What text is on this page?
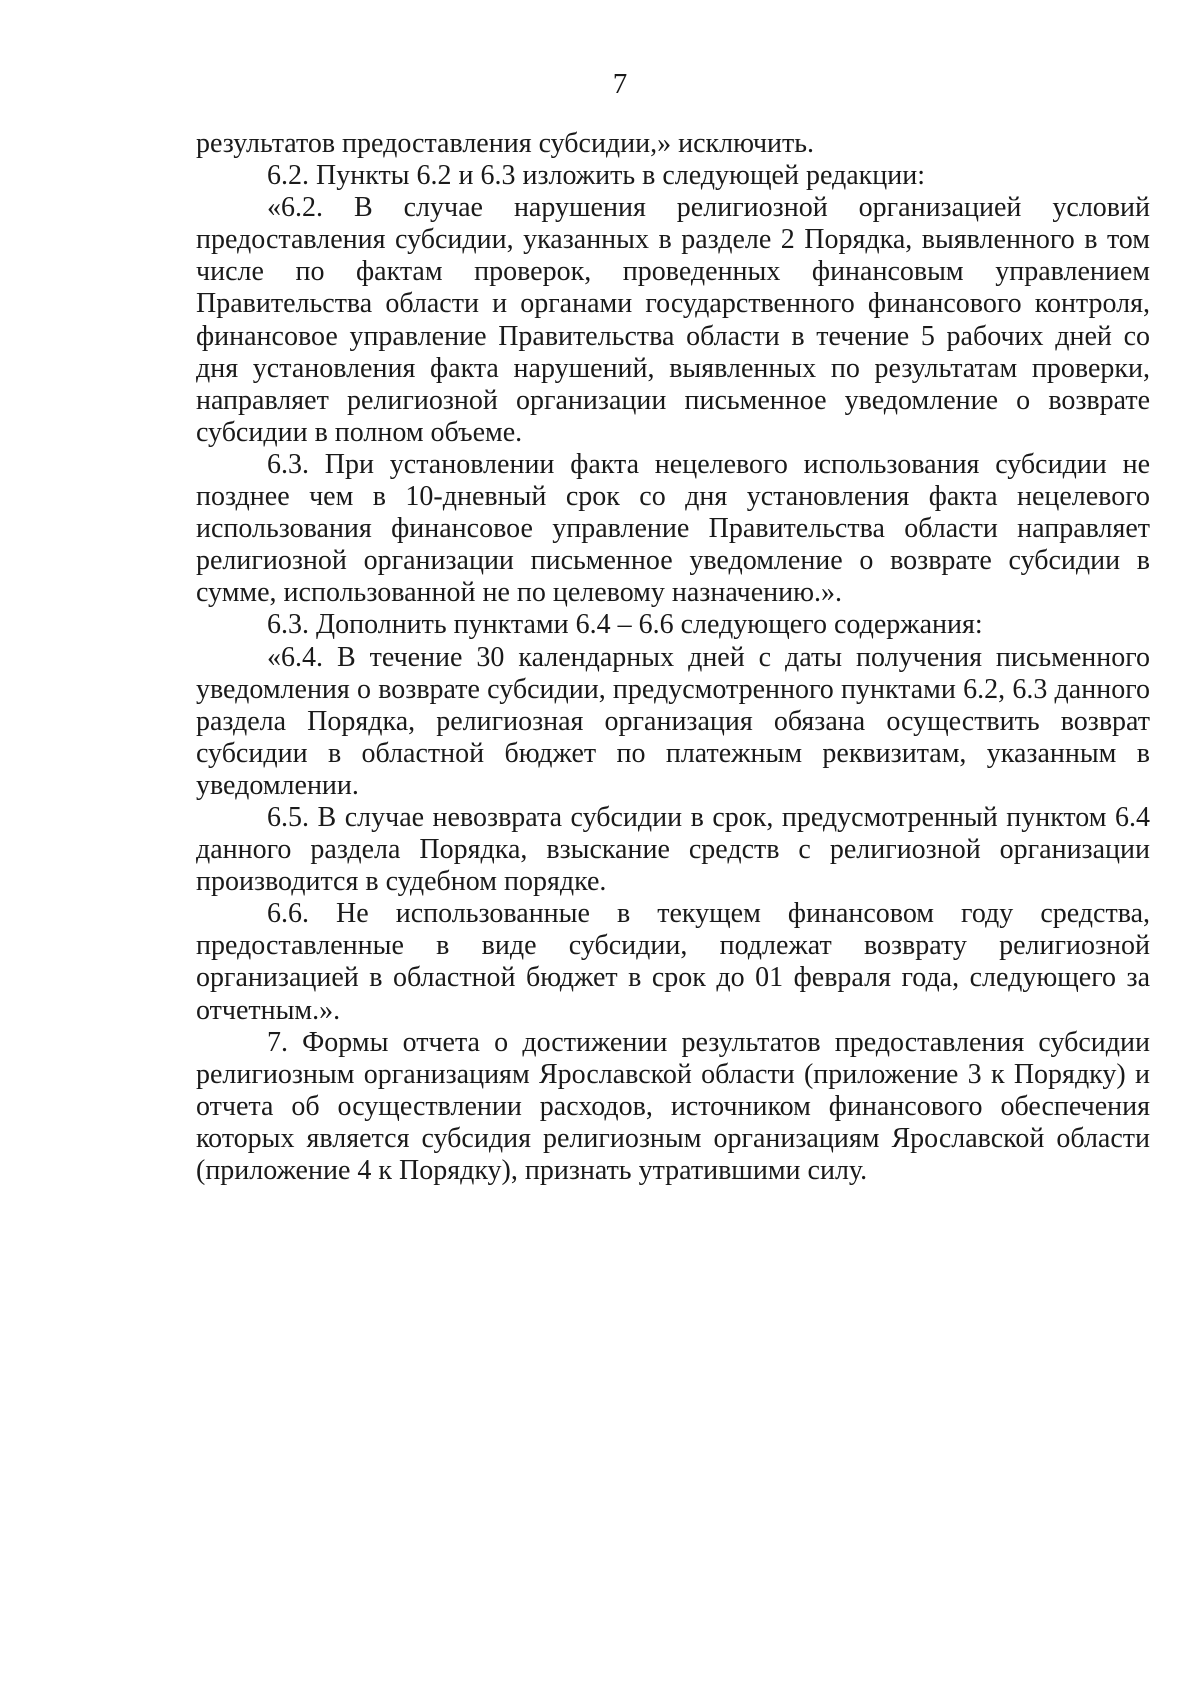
7

результатов предоставления субсидии,» исключить.

6.2. Пункты 6.2 и 6.3 изложить в следующей редакции:

«6.2. В случае нарушения религиозной организацией условий предоставления субсидии, указанных в разделе 2 Порядка, выявленного в том числе по фактам проверок, проведенных финансовым управлением Правительства области и органами государственного финансового контроля, финансовое управление Правительства области в течение 5 рабочих дней со дня установления факта нарушений, выявленных по результатам проверки, направляет религиозной организации письменное уведомление о возврате субсидии в полном объеме.

6.3. При установлении факта нецелевого использования субсидии не позднее чем в 10-дневный срок со дня установления факта нецелевого использования финансовое управление Правительства области направляет религиозной организации письменное уведомление о возврате субсидии в сумме, использованной не по целевому назначению.».

6.3. Дополнить пунктами 6.4 – 6.6 следующего содержания:

«6.4. В течение 30 календарных дней с даты получения письменного уведомления о возврате субсидии, предусмотренного пунктами 6.2, 6.3 данного раздела Порядка, религиозная организация обязана осуществить возврат субсидии в областной бюджет по платежным реквизитам, указанным в уведомлении.

6.5. В случае невозврата субсидии в срок, предусмотренный пунктом 6.4 данного раздела Порядка, взыскание средств с религиозной организации производится в судебном порядке.

6.6. Не использованные в текущем финансовом году средства, предоставленные в виде субсидии, подлежат возврату религиозной организацией в областной бюджет в срок до 01 февраля года, следующего за отчетным.».

7. Формы отчета о достижении результатов предоставления субсидии религиозным организациям Ярославской области (приложение 3 к Порядку) и отчета об осуществлении расходов, источником финансового обеспечения которых является субсидия религиозным организациям Ярославской области (приложение 4 к Порядку), признать утратившими силу.
